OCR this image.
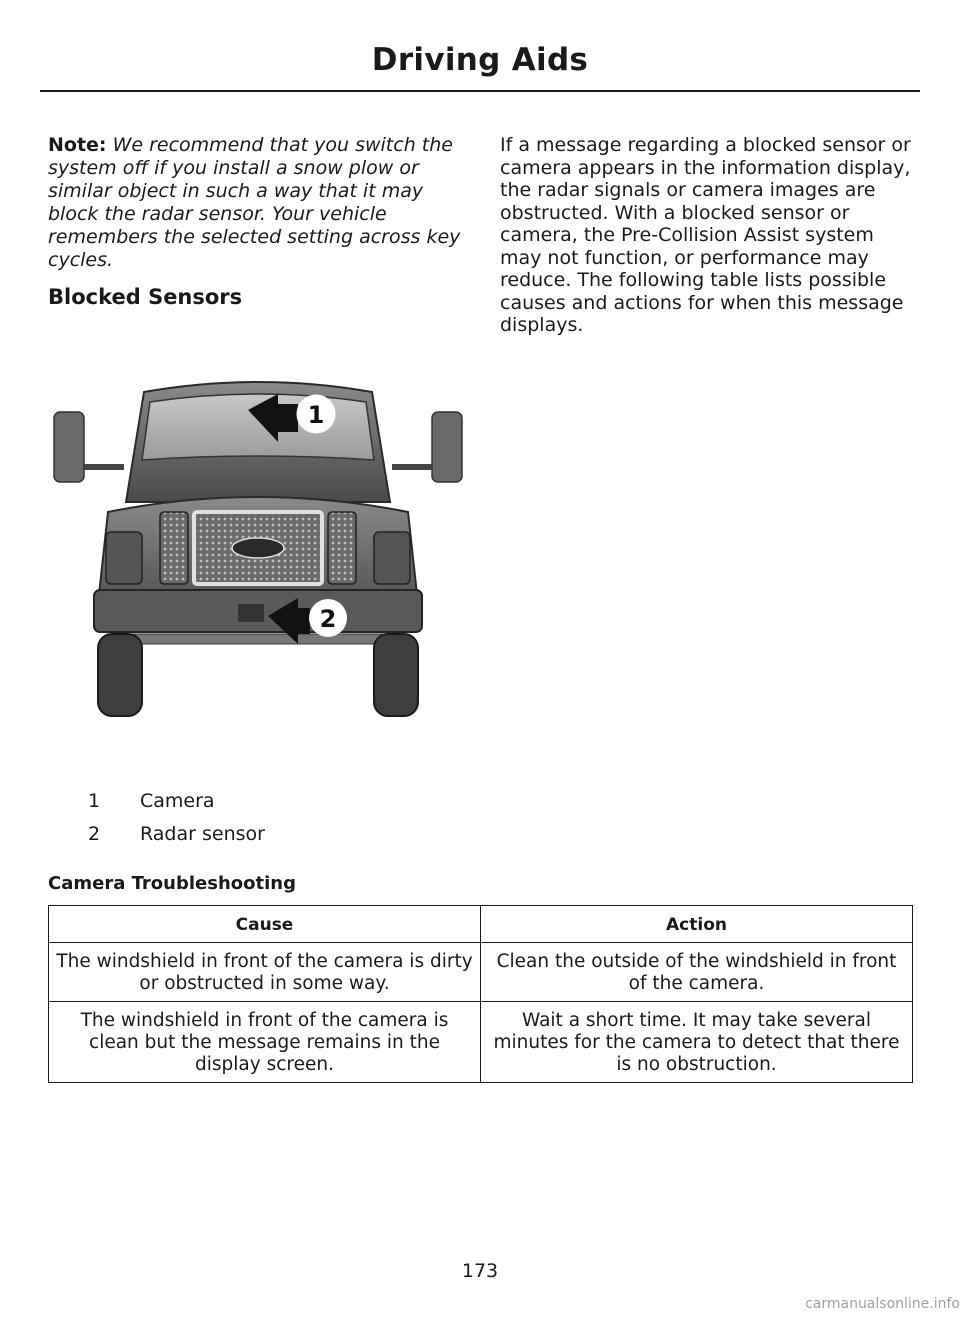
Driving Aids
Note: We recommend that you switch the system off if you install a snow plow or similar object in such a way that it may block the radar sensor. Your vehicle remembers the selected setting across key cycles.
Blocked Sensors
If a message regarding a blocked sensor or camera appears in the information display, the radar signals or camera images are obstructed. With a blocked sensor or camera, the Pre-Collision Assist system may not function, or performance may reduce. The following table lists possible causes and actions for when this message displays.
1
2
1	Camera
2	Radar sensor
Camera Troubleshooting
Cause	Action
The windshield in front of the camera is dirty or obstructed in some way.	Clean the outside of the windshield in front of the camera.
The windshield in front of the camera is clean but the message remains in the display screen.	Wait a short time. It may take several minutes for the camera to detect that there is no obstruction.
173
carmanualsonline.info
